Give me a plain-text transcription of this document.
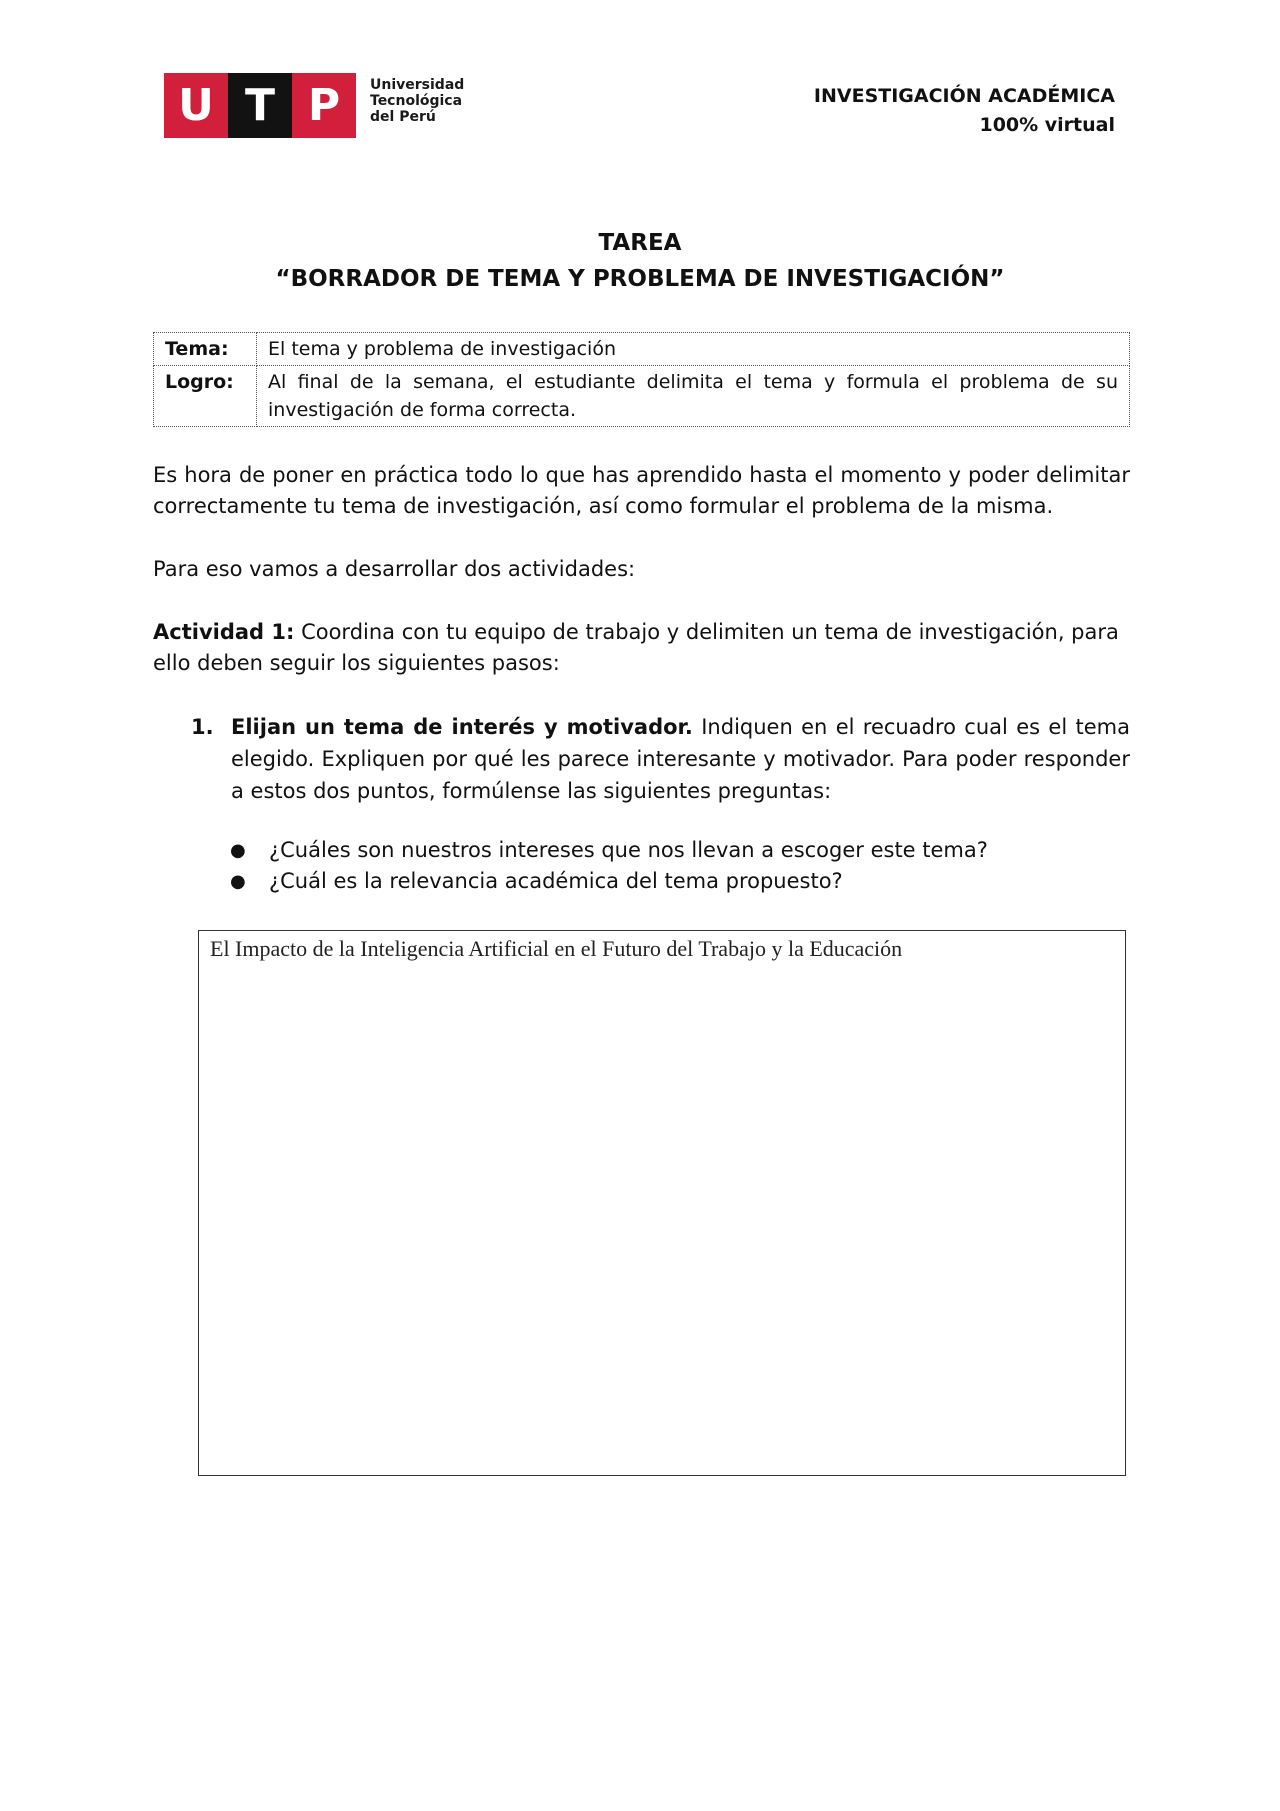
U T P	Universidad
Tecnológica
del Perú
INVESTIGACIÓN ACADÉMICA
100% virtual
TAREA
“BORRADOR DE TEMA Y PROBLEMA DE INVESTIGACIÓN”
Tema:	El tema y problema de investigación
Logro:	Al final de la semana, el estudiante delimita el tema y formula el problema de su investigación de forma correcta.
Es hora de poner en práctica todo lo que has aprendido hasta el momento y poder delimitar correctamente tu tema de investigación, así como formular el problema de la misma.
Para eso vamos a desarrollar dos actividades:
Actividad 1: Coordina con tu equipo de trabajo y delimiten un tema de investigación, para ello deben seguir los siguientes pasos:
1. Elijan un tema de interés y motivador. Indiquen en el recuadro cual es el tema elegido. Expliquen por qué les parece interesante y motivador. Para poder responder a estos dos puntos, formúlense las siguientes preguntas:
●	¿Cuáles son nuestros intereses que nos llevan a escoger este tema?
●	¿Cuál es la relevancia académica del tema propuesto?
El Impacto de la Inteligencia Artificial en el Futuro del Trabajo y la Educación
